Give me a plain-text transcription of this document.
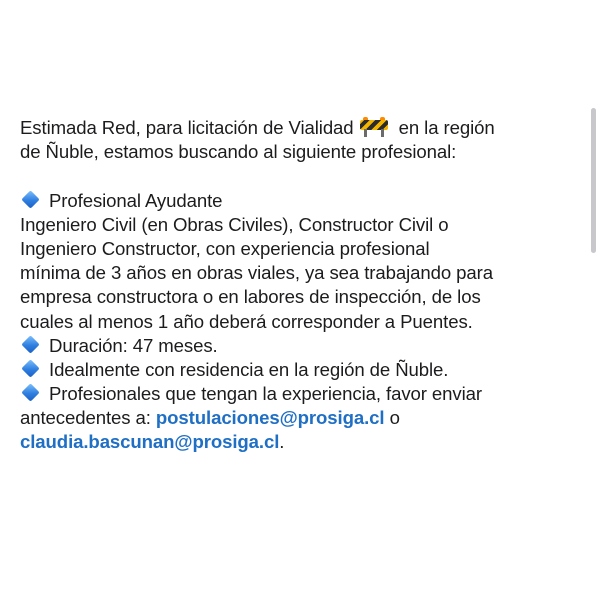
Estimada Red, para licitación de Vialidad
en la región
de Ñuble, estamos buscando al siguiente profesional:
Profesional Ayudante
Ingeniero Civil (en Obras Civiles), Constructor Civil o
Ingeniero Constructor, con experiencia profesional
mínima de 3 años en obras viales, ya sea trabajando para
empresa constructora o en labores de inspección, de los
cuales al menos 1 año deberá corresponder a Puentes.
Duración: 47 meses.
Idealmente con residencia en la región de Ñuble.
Profesionales que tengan la experiencia, favor enviar
antecedentes a: postulaciones@prosiga.cl o
claudia.bascunan@prosiga.cl.
